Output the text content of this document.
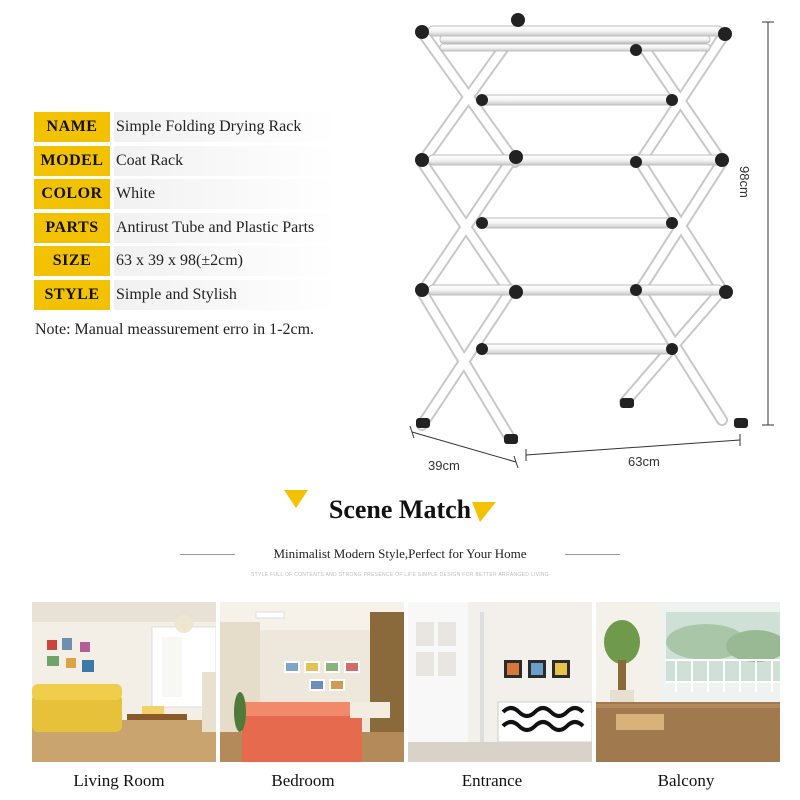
NAME	Simple Folding Drying Rack
MODEL Coat Rack
COLOR White
PARTS	Antirust Tube and Plastic Parts
SIZE	63 x 39 x 98(±2cm)
STYLE	Simple and Stylish
Note: Manual meassurement erro in 1-2cm.
98cm
39cm	63cm
Scene Match
Minimalist Modern Style,Perfect for Your Home
STYLE FULL OF CONTENTS AND STRONG PRESENCE OF LIFE SIMPLE DESIGN FOR BETTER ARRANGED LIVING
Living Room	Bedroom	Entrance	Balcony
